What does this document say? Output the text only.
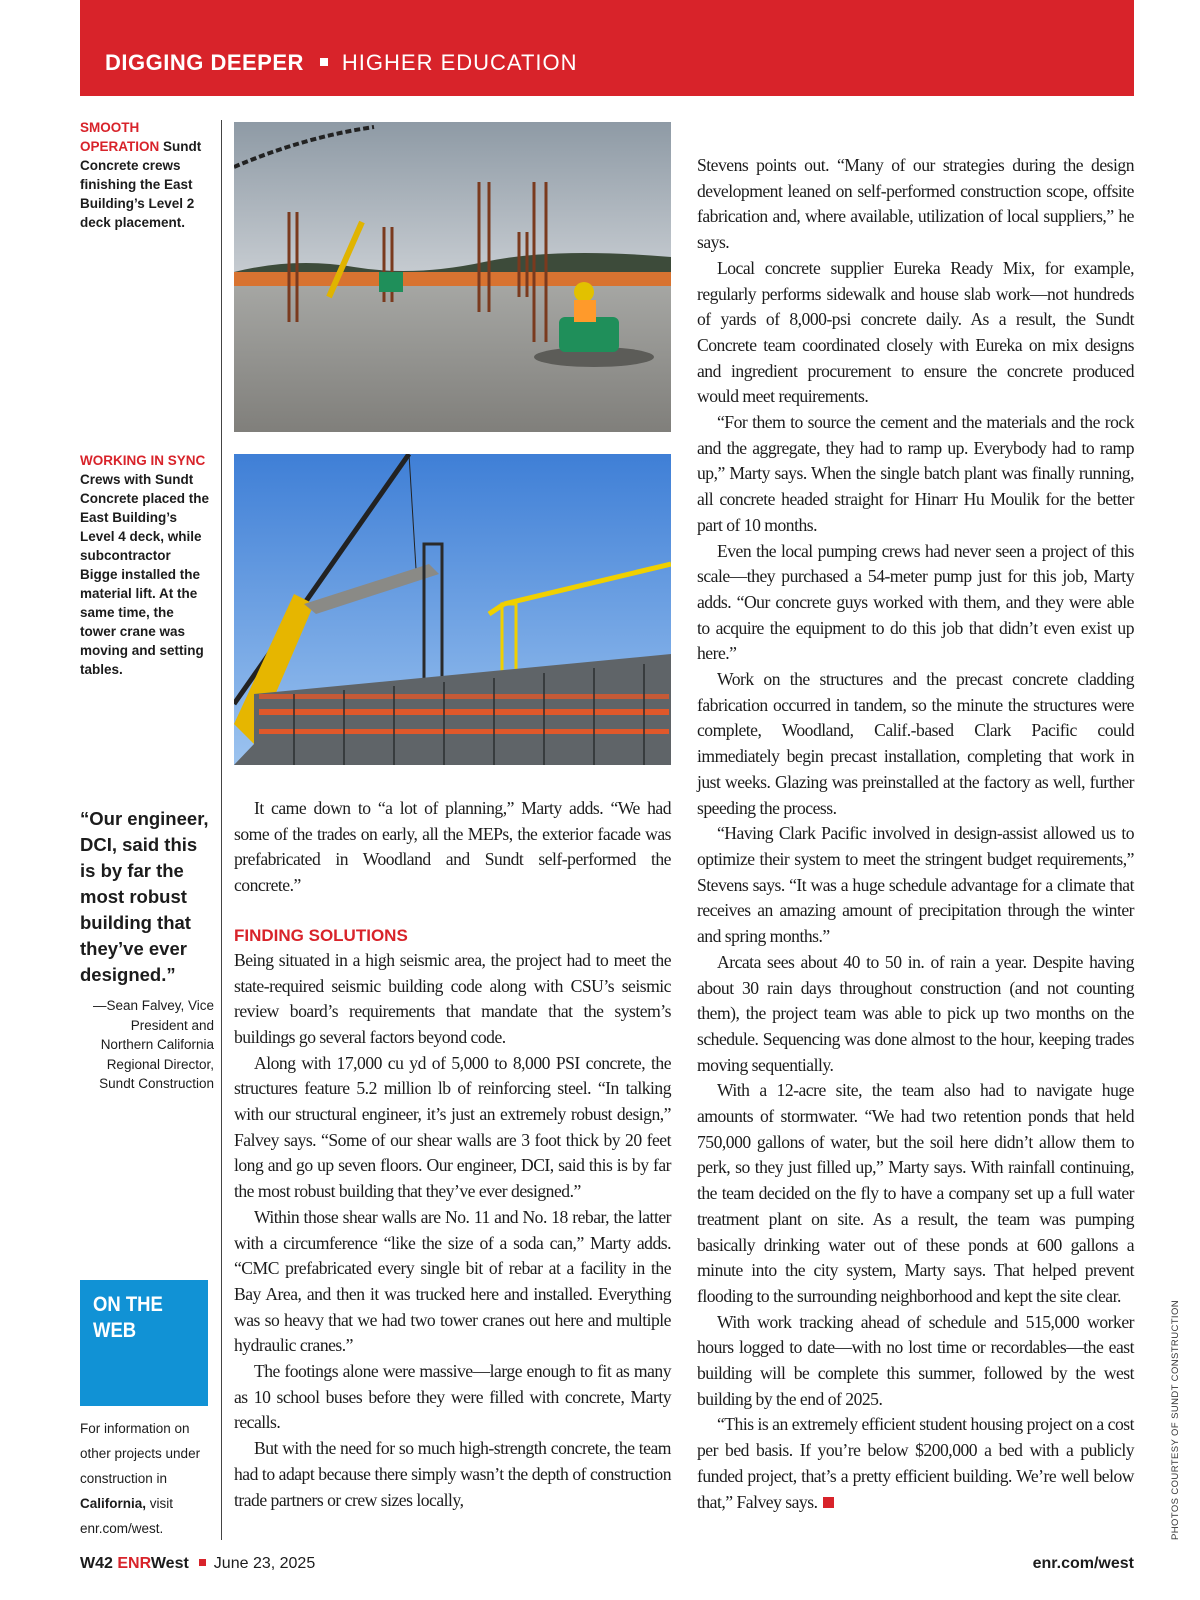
DIGGING DEEPER HIGHER EDUCATION
SMOOTH OPERATION Sundt Concrete crews finishing the East Building’s Level 2 deck placement.
WORKING IN SYNC Crews with Sundt Concrete placed the East Building’s Level 4 deck, while subcontractor Bigge installed the material lift. At the same time, the tower crane was moving and setting tables.
“Our engineer, DCI, said this is by far the most robust building that they’ve ever designed.”
—Sean Falvey, Vice President and Northern California Regional Director, Sundt Construction
ON THE WEB
For information on other projects under construction in California, visit enr.com/west.

It came down to “a lot of planning,” Marty adds. “We had some of the trades on early, all the MEPs, the exterior facade was prefabricated in Woodland and Sundt self-performed the concrete.”

FINDING SOLUTIONS

Being situated in a high seismic area, the project had to meet the state-required seismic building code along with CSU’s seismic review board’s requirements that mandate that the system’s buildings go several factors beyond code.

Along with 17,000 cu yd of 5,000 to 8,000 PSI concrete, the structures feature 5.2 million lb of reinforcing steel. “In talking with our structural engineer, it’s just an extremely robust design,” Falvey says. “Some of our shear walls are 3 foot thick by 20 feet long and go up seven floors. Our engineer, DCI, said this is by far the most robust building that they’ve ever designed.”

Within those shear walls are No. 11 and No. 18 rebar, the latter with a circumference “like the size of a soda can,” Marty adds. “CMC prefabricated every single bit of rebar at a facility in the Bay Area, and then it was trucked here and installed. Everything was so heavy that we had two tower cranes out here and multiple hydraulic cranes.”

The footings alone were massive—large enough to fit as many as 10 school buses before they were filled with concrete, Marty recalls.

But with the need for so much high-strength concrete, the team had to adapt because there simply wasn’t the depth of construction trade partners or crew sizes locally,

Stevens points out. “Many of our strategies during the design development leaned on self-performed construction scope, offsite fabrication and, where available, utilization of local suppliers,” he says.

Local concrete supplier Eureka Ready Mix, for example, regularly performs sidewalk and house slab work—not hundreds of yards of 8,000-psi concrete daily. As a result, the Sundt Concrete team coordinated closely with Eureka on mix designs and ingredient procurement to ensure the concrete produced would meet requirements.

“For them to source the cement and the materials and the rock and the aggregate, they had to ramp up. Everybody had to ramp up,” Marty says. When the single batch plant was finally running, all concrete headed straight for Hinarr Hu Moulik for the better part of 10 months.

Even the local pumping crews had never seen a project of this scale—they purchased a 54-meter pump just for this job, Marty adds. “Our concrete guys worked with them, and they were able to acquire the equipment to do this job that didn’t even exist up here.”

Work on the structures and the precast concrete cladding fabrication occurred in tandem, so the minute the structures were complete, Woodland, Calif.-based Clark Pacific could immediately begin precast installation, completing that work in just weeks. Glazing was preinstalled at the factory as well, further speeding the process.

“Having Clark Pacific involved in design-assist allowed us to optimize their system to meet the stringent budget requirements,” Stevens says. “It was a huge schedule advantage for a climate that receives an amazing amount of precipitation through the winter and spring months.”

Arcata sees about 40 to 50 in. of rain a year. Despite having about 30 rain days throughout construction (and not counting them), the project team was able to pick up two months on the schedule. Sequencing was done almost to the hour, keeping trades moving sequentially.

With a 12-acre site, the team also had to navigate huge amounts of stormwater. “We had two retention ponds that held 750,000 gallons of water, but the soil here didn’t allow them to perk, so they just filled up,” Marty says. With rainfall continuing, the team decided on the fly to have a company set up a full water treatment plant on site. As a result, the team was pumping basically drinking water out of these ponds at 600 gallons a minute into the city system, Marty says. That helped prevent flooding to the surrounding neighborhood and kept the site clear.

With work tracking ahead of schedule and 515,000 worker hours logged to date—with no lost time or recordables—the east building will be complete this summer, followed by the west building by the end of 2025.

“This is an extremely efficient student housing project on a cost per bed basis. If you’re below $200,000 a bed with a publicly funded project, that’s a pretty efficient building. We’re well below that,” Falvey says.	PHOTOS COURTESY OF SUNDT CONSTRUCTION
W42 ENRWest June 23, 2025	enr.com/west
